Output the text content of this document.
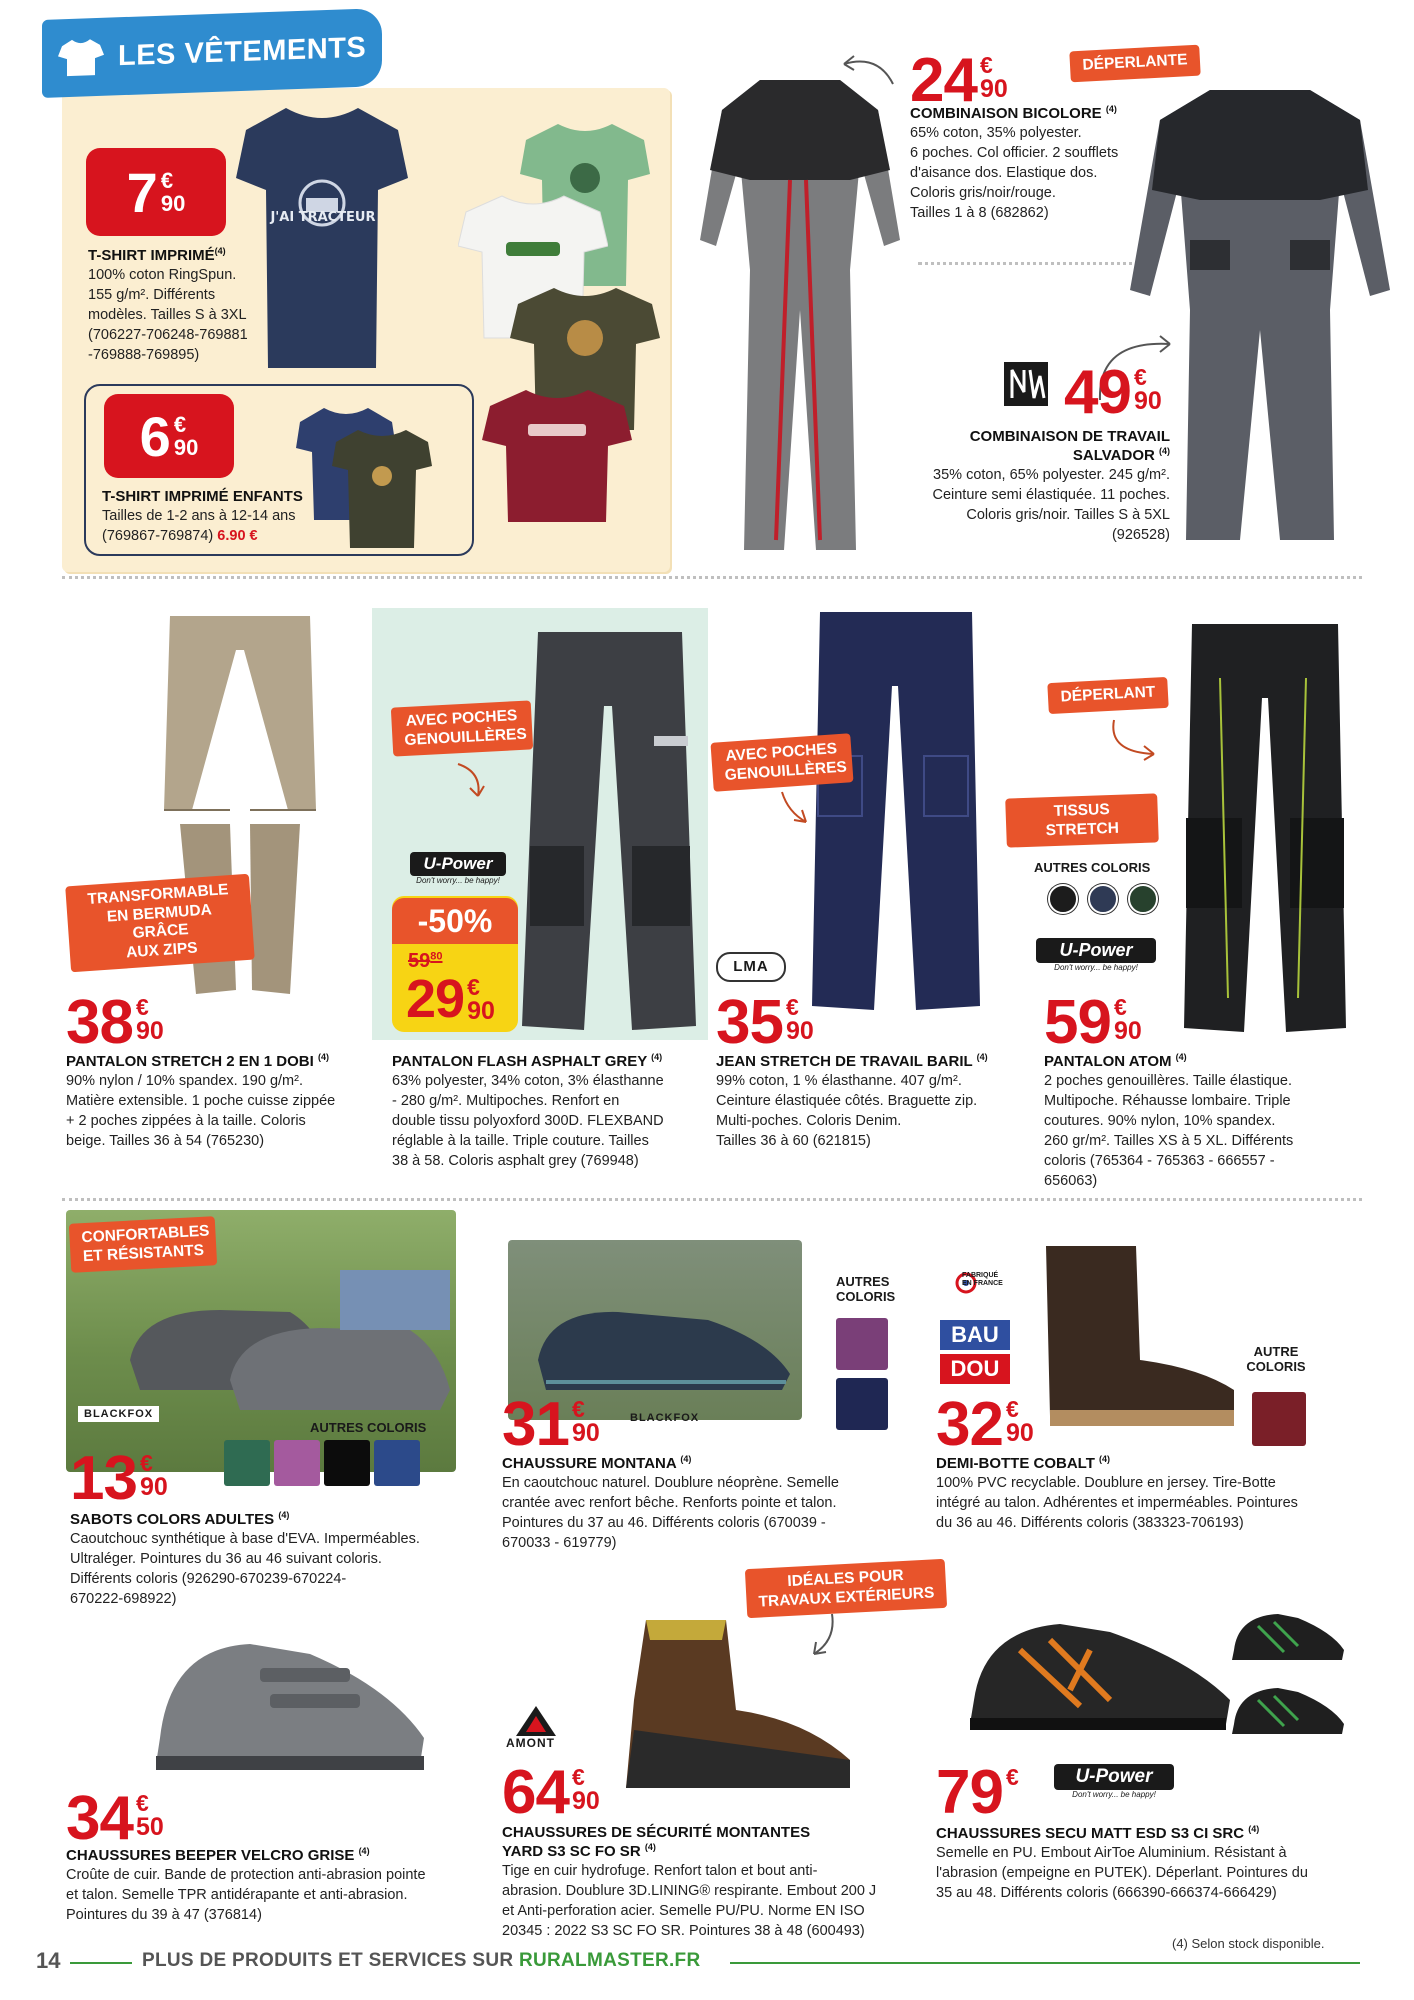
LES VÊTEMENTS
7 €
90
J'AI TRACTEUR
T-SHIRT IMPRIMÉ$^{(4)}$
100% coton RingSpun.
155 g/m². Différents
modèles. Tailles S à 3XL
(706227-706248-769881
-769888-769895)
6 €
90
T-SHIRT IMPRIMÉ ENFANTS
Tailles de 1-2 ans à 12-14 ans
(769867-769874) 6.90 €
24 €
90
COMBINAISON BICOLORE $^{(4)}$
65% coton, 35% polyester.
6 poches. Col officier. 2 soufflets
d'aisance dos. Elastique dos.
Coloris gris/noir/rouge.
Tailles 1 à 8 (682862)
DÉPERLANTE
49 €
90
COMBINAISON DE TRAVAIL
SALVADOR $^{(4)}$
35% coton, 65% polyester. 245 g/m².
Ceinture semi élastiquée. 11 poches.
Coloris gris/noir. Tailles S à 5XL
(926528)
TRANSFORMABLE
EN BERMUDA GRÂCE
AUX ZIPS
38 €
90
PANTALON STRETCH 2 EN 1 DOBI $^{(4)}$
90% nylon / 10% spandex. 190 g/m².
Matière extensible. 1 poche cuisse zippée
+ 2 poches zippées à la taille. Coloris
beige. Tailles 36 à 54 (765230)
AVEC POCHES
GENOUILLÈRES
U-Power
Don't worry... be happy!
-50%
$59^{80}$
29 €
90
PANTALON FLASH ASPHALT GREY $^{(4)}$
63% polyester, 34% coton, 3% élasthanne
- 280 g/m². Multipoches. Renfort en
double tissu polyoxford 300D. FLEXBAND
réglable à la taille. Triple couture. Tailles
38 à 58. Coloris asphalt grey (769948)
AVEC POCHES
GENOUILLÈRES
LMA
35 €
90
JEAN STRETCH DE TRAVAIL BARIL $^{(4)}$
99% coton, 1 % élasthanne. 407 g/m².
Ceinture élastiquée côtés. Braguette zip.
Multi-poches. Coloris Denim.
Tailles 36 à 60 (621815)
DÉPERLANT
TISSUS STRETCH
AUTRES COLORIS
U-Power
Don't worry... be happy!
59 €
90
PANTALON ATOM $^{(4)}$
2 poches genouillères. Taille élastique.
Multipoche. Réhausse lombaire. Triple
coutures. 90% nylon, 10% spandex.
260 gr/m². Tailles XS à 5 XL. Différents
coloris (765364 - 765363 - 666557 -
656063)
CONFORTABLES
ET RÉSISTANTS
BLACKFOX
AUTRES COLORIS
13 €
90
SABOTS COLORS ADULTES $^{(4)}$
Caoutchouc synthétique à base d'EVA. Imperméables.
Ultraléger. Pointures du 36 au 46 suivant coloris.
Différents coloris (926290-670239-670224-
670222-698922)
AUTRES
COLORIS
BLACKFOX
31 €
90
CHAUSSURE MONTANA $^{(4)}$
En caoutchouc naturel. Doublure néoprène. Semelle
crantée avec renfort bêche. Renforts pointe et talon.
Pointures du 37 au 46. Différents coloris (670039 -
670033 - 619779)
FABRIQUÉ
EN FRANCE
BAU
DOU
AUTRE
COLORIS
32 €
90
DEMI-BOTTE COBALT $^{(4)}$
100% PVC recyclable. Doublure en jersey. Tire-Botte
intégré au talon. Adhérentes et imperméables. Pointures
du 36 au 46. Différents coloris (383323-706193)
34 €
50
CHAUSSURES BEEPER VELCRO GRISE $^{(4)}$
Croûte de cuir. Bande de protection anti-abrasion pointe
et talon. Semelle TPR antidérapante et anti-abrasion.
Pointures du 39 à 47 (376814)
IDÉALES POUR
TRAVAUX EXTÉRIEURS
AMONT
64 €
90
CHAUSSURES DE SÉCURITÉ MONTANTES
YARD S3 SC FO SR $^{(4)}$
Tige en cuir hydrofuge. Renfort talon et bout anti-
abrasion. Doublure 3D.LINING® respirante. Embout 200 J
et Anti-perforation acier. Semelle PU/PU. Norme EN ISO
20345 : 2022 S3 SC FO SR. Pointures 38 à 48 (600493)
79 €	U-Power
Don't worry... be happy!
CHAUSSURES SECU MATT ESD S3 CI SRC $^{(4)}$
Semelle en PU. Embout AirToe Aluminium. Résistant à
l'abrasion (empeigne en PUTEK). Déperlant. Pointures du
35 au 48. Différents coloris (666390-666374-666429)
14	PLUS DE PRODUITS ET SERVICES SUR RURALMASTER.FR
(4) Selon stock disponible.
